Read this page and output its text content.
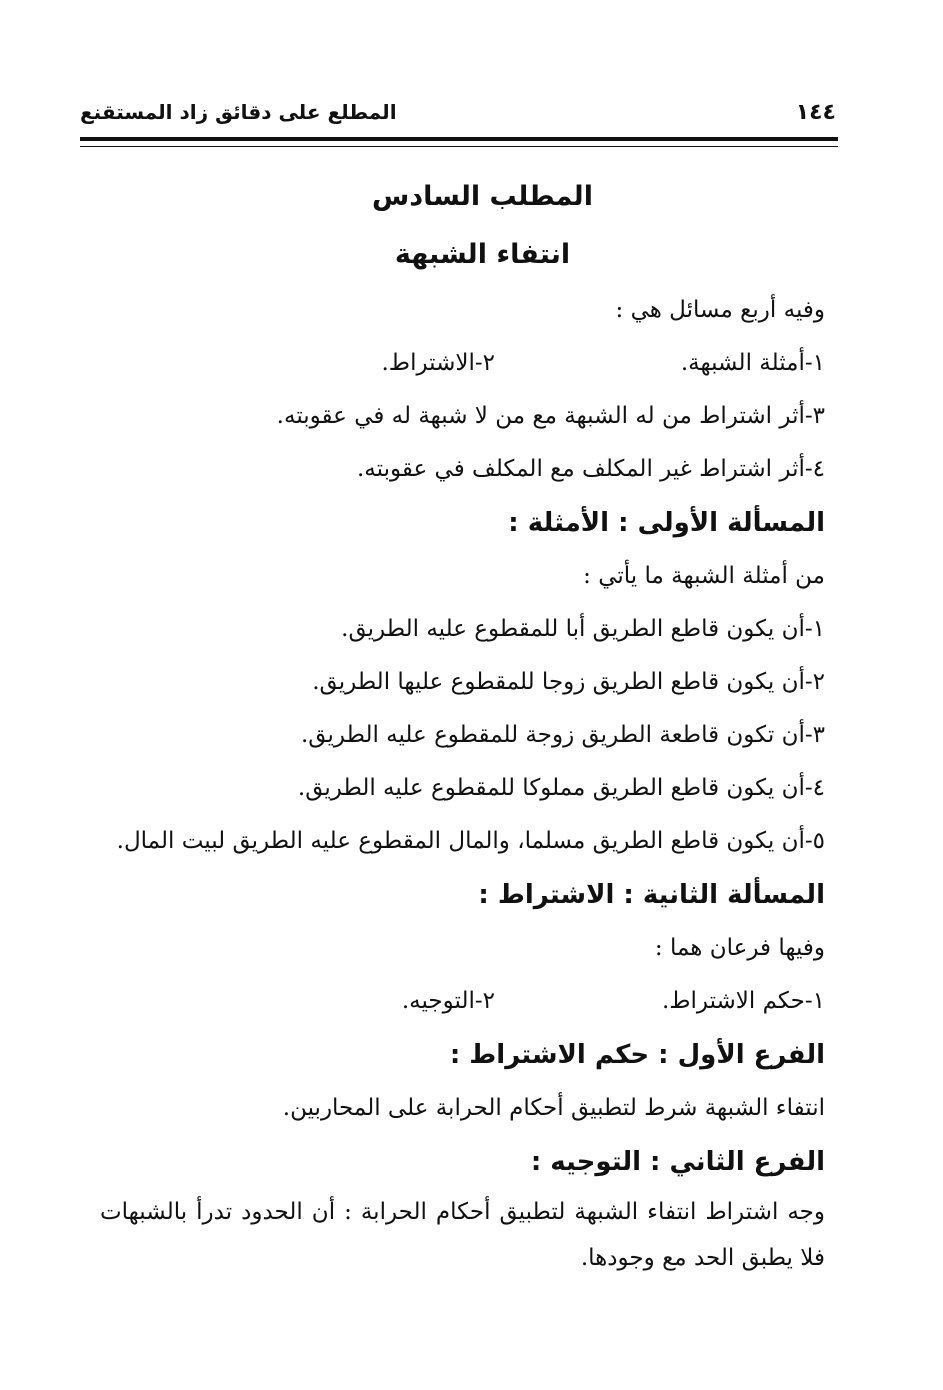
١٤٤
المطلع على دقائق زاد المستقنع
المطلب السادس
انتفاء الشبهة
وفيه أربع مسائل هي :
١-أمثلة الشبهة.
٢-الاشتراط.
٣-أثر اشتراط من له الشبهة مع من لا شبهة له في عقوبته.
٤-أثر اشتراط غير المكلف مع المكلف في عقوبته.
المسألة الأولى : الأمثلة :
من أمثلة الشبهة ما يأتي :
١-أن يكون قاطع الطريق أبا للمقطوع عليه الطريق.
٢-أن يكون قاطع الطريق زوجا للمقطوع عليها الطريق.
٣-أن تكون قاطعة الطريق زوجة للمقطوع عليه الطريق.
٤-أن يكون قاطع الطريق مملوكا للمقطوع عليه الطريق.
٥-أن يكون قاطع الطريق مسلما، والمال المقطوع عليه الطريق لبيت المال.
المسألة الثانية : الاشتراط :
وفيها فرعان هما :
١-حكم الاشتراط.
٢-التوجيه.
الفرع الأول : حكم الاشتراط :
انتفاء الشبهة شرط لتطبيق أحكام الحرابة على المحاربين.
الفرع الثاني : التوجيه :
وجه اشتراط انتفاء الشبهة لتطبيق أحكام الحرابة : أن الحدود تدرأ بالشبهات فلا يطبق الحد مع وجودها.
